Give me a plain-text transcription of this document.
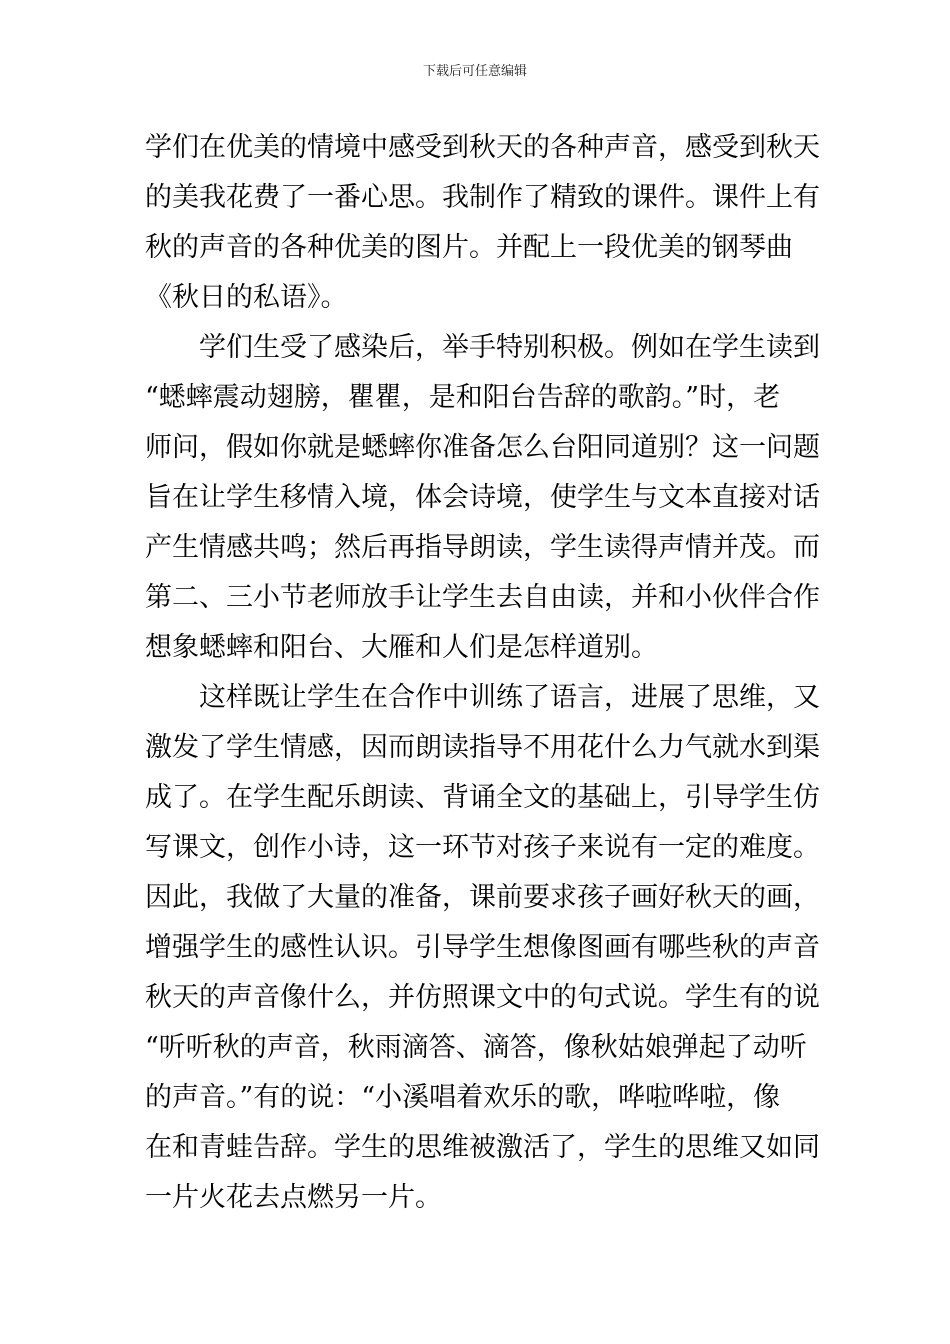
下载后可任意编辑
学们在优美的情境中感受到秋天的各种声音，感受到秋天
的美我花费了一番心思。我制作了精致的课件。课件上有
秋的声音的各种优美的图片。并配上一段优美的钢琴曲
《秋日的私语》。
　　学们生受了感染后，举手特别积极。例如在学生读到
“蟋蟀震动翅膀，瞿瞿，是和阳台告辞的歌韵。”时，老
师问，假如你就是蟋蟀你准备怎么台阳同道别？这一问题
旨在让学生移情入境，体会诗境，使学生与文本直接对话
产生情感共鸣；然后再指导朗读，学生读得声情并茂。而
第二、三小节老师放手让学生去自由读，并和小伙伴合作
想象蟋蟀和阳台、大雁和人们是怎样道别。
　　这样既让学生在合作中训练了语言，进展了思维，又
激发了学生情感，因而朗读指导不用花什么力气就水到渠
成了。在学生配乐朗读、背诵全文的基础上，引导学生仿
写课文，创作小诗，这一环节对孩子来说有一定的难度。
因此，我做了大量的准备，课前要求孩子画好秋天的画，
增强学生的感性认识。引导学生想像图画有哪些秋的声音
秋天的声音像什么，并仿照课文中的句式说。学生有的说
“听听秋的声音，秋雨滴答、滴答，像秋姑娘弹起了动听
的声音。”有的说：“小溪唱着欢乐的歌，哗啦哗啦，像
在和青蛙告辞。学生的思维被激活了，学生的思维又如同
一片火花去点燃另一片。
